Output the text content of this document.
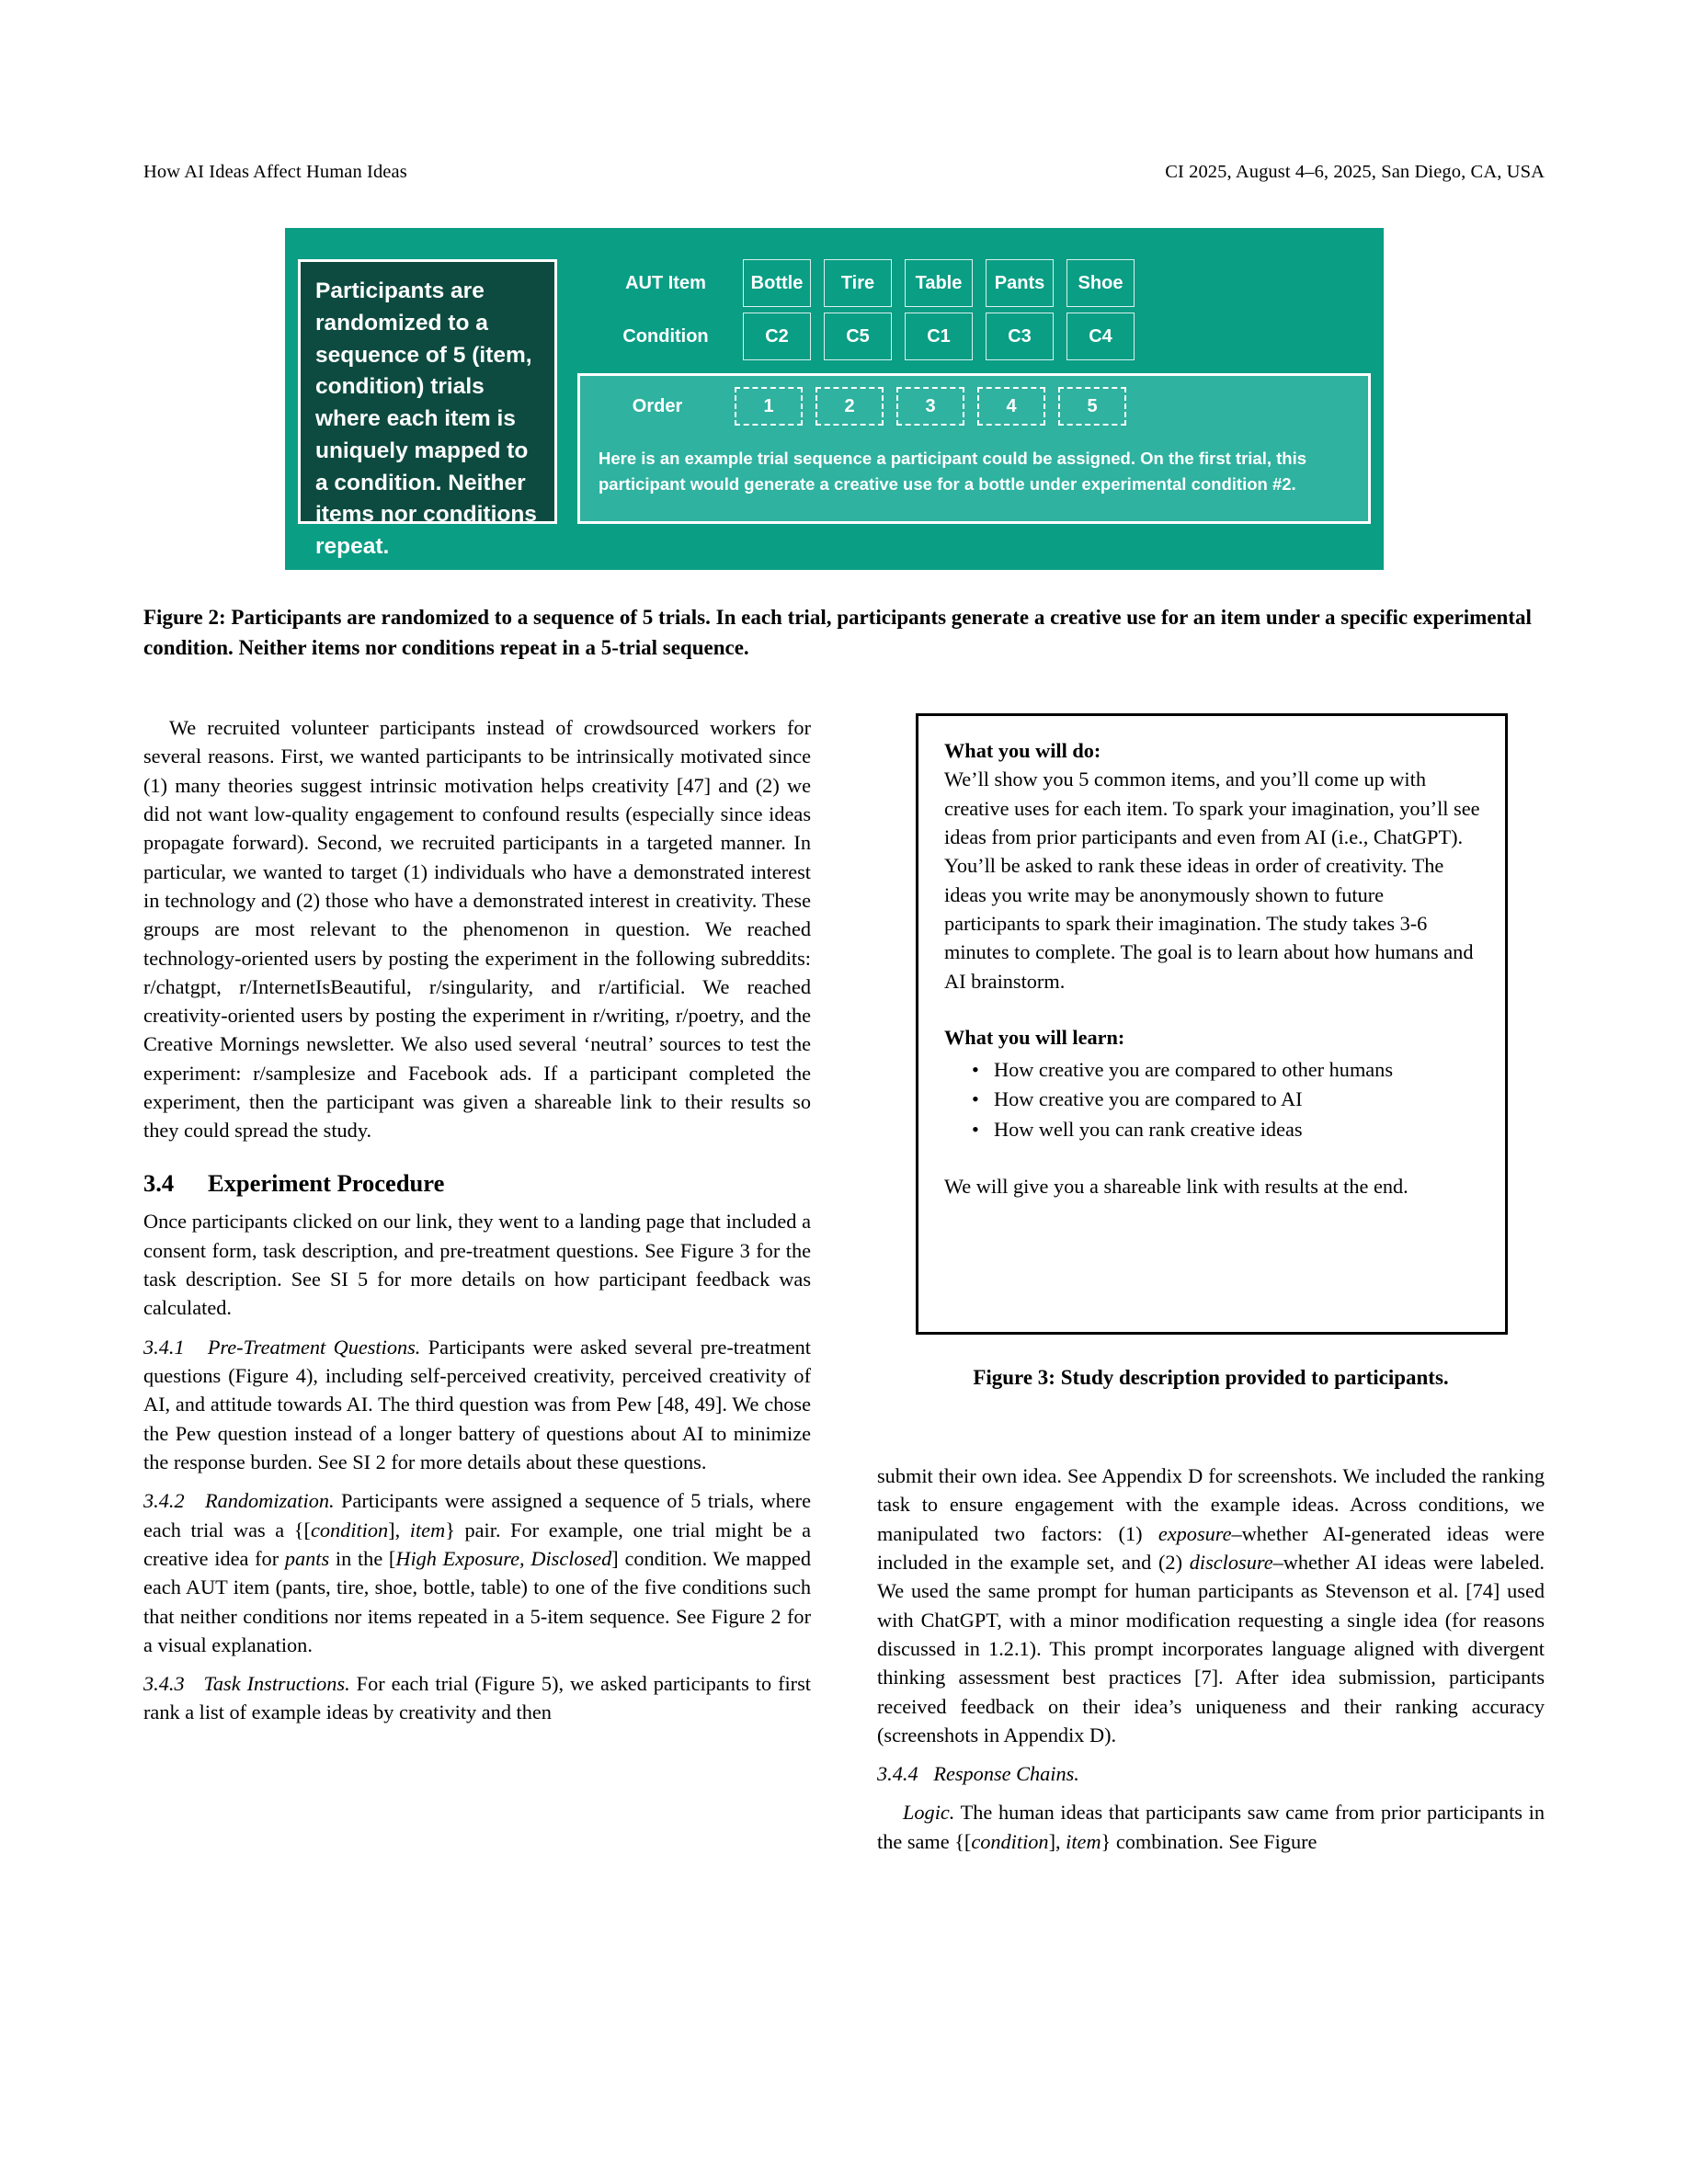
How AI Ideas Affect Human Ideas	CI 2025, August 4–6, 2025, San Diego, CA, USA
Participants are randomized to a sequence of 5 (item, condition) trials where each item is uniquely mapped to a condition. Neither items nor conditions repeat.
AUT Item	Bottle	Tire	Table	Pants	Shoe
Condition	C2	C5	C1	C3	C4
Order	1	2	3	4	5
Here is an example trial sequence a participant could be assigned. On the first trial, this participant would generate a creative use for a bottle under experimental condition #2.
Figure 2: Participants are randomized to a sequence of 5 trials. In each trial, participants generate a creative use for an item under a specific experimental condition. Neither items nor conditions repeat in a 5-trial sequence.

We recruited volunteer participants instead of crowdsourced workers for several reasons. First, we wanted participants to be intrinsically motivated since (1) many theories suggest intrinsic motivation helps creativity [47] and (2) we did not want low-quality engagement to confound results (especially since ideas propagate forward). Second, we recruited participants in a targeted manner. In particular, we wanted to target (1) individuals who have a demonstrated interest in technology and (2) those who have a demonstrated interest in creativity. These groups are most relevant to the phenomenon in question. We reached technology-oriented users by posting the experiment in the following subreddits: r/chatgpt, r/InternetIsBeautiful, r/singularity, and r/artificial. We reached creativity-oriented users by posting the experiment in r/writing, r/poetry, and the Creative Mornings newsletter. We also used several ‘neutral’ sources to test the experiment: r/samplesize and Facebook ads. If a participant completed the experiment, then the participant was given a shareable link to their results so they could spread the study.

3.4 Experiment Procedure

Once participants clicked on our link, they went to a landing page that included a consent form, task description, and pre-treatment questions. See Figure 3 for the task description. See SI 5 for more details on how participant feedback was calculated.

3.4.1 Pre-Treatment Questions. Participants were asked several pre-treatment questions (Figure 4), including self-perceived creativity, perceived creativity of AI, and attitude towards AI. The third question was from Pew [48, 49]. We chose the Pew question instead of a longer battery of questions about AI to minimize the response burden. See SI 2 for more details about these questions.

3.4.2 Randomization. Participants were assigned a sequence of 5 trials, where each trial was a {[condition], item} pair. For example, one trial might be a creative idea for pants in the [High Exposure, Disclosed] condition. We mapped each AUT item (pants, tire, shoe, bottle, table) to one of the five conditions such that neither conditions nor items repeated in a 5-item sequence. See Figure 2 for a visual explanation.

3.4.3 Task Instructions. For each trial (Figure 5), we asked participants to first rank a list of example ideas by creativity and then

What you will do:

We’ll show you 5 common items, and you’ll come up with creative uses for each item. To spark your imagination, you’ll see ideas from prior participants and even from AI (i.e., ChatGPT). You’ll be asked to rank these ideas in order of creativity. The ideas you write may be anonymously shown to future participants to spark their imagination. The study takes 3-6 minutes to complete. The goal is to learn about how humans and AI brainstorm.

What you will learn:

• How creative you are compared to other humans
• How creative you are compared to AI
• How well you can rank creative ideas

We will give you a shareable link with results at the end.

Figure 3: Study description provided to participants.

submit their own idea. See Appendix D for screenshots. We included the ranking task to ensure engagement with the example ideas. Across conditions, we manipulated two factors: (1) exposure–whether AI-generated ideas were included in the example set, and (2) disclosure–whether AI ideas were labeled. We used the same prompt for human participants as Stevenson et al. [74] used with ChatGPT, with a minor modification requesting a single idea (for reasons discussed in 1.2.1). This prompt incorporates language aligned with divergent thinking assessment best practices [7]. After idea submission, participants received feedback on their idea’s uniqueness and their ranking accuracy (screenshots in Appendix D).

3.4.4 Response Chains.

Logic. The human ideas that participants saw came from prior participants in the same {[condition], item} combination. See Figure
